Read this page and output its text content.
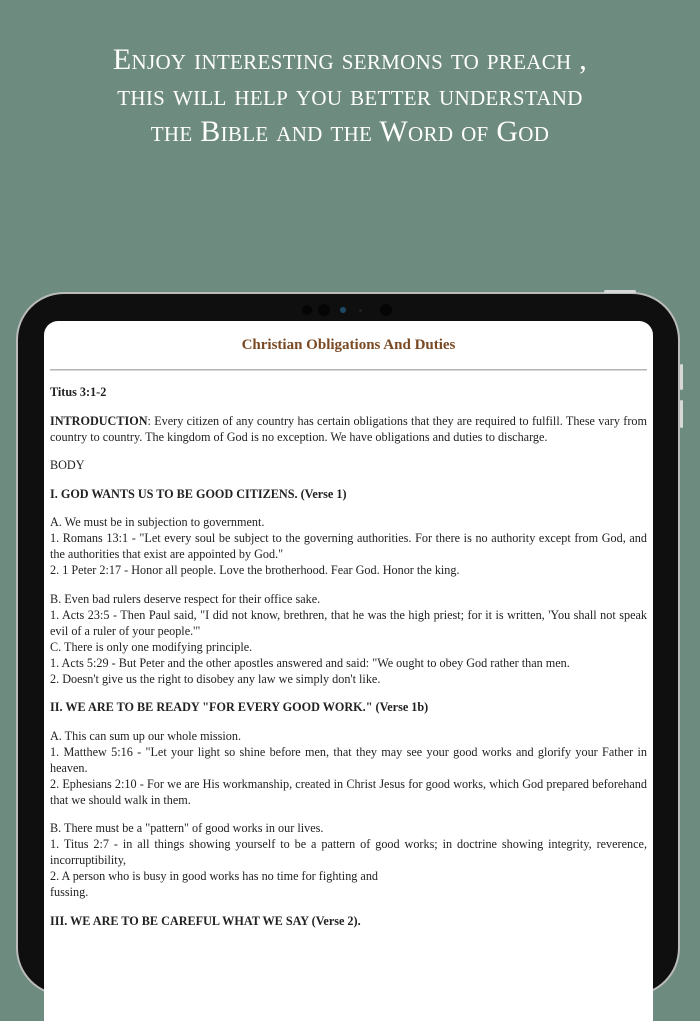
Enjoy interesting sermons to preach ,
this will help you better understand
the Bible and the Word of God
Christian Obligations And Duties

Titus 3:1-2

INTRODUCTION: Every citizen of any country has certain obligations that they are required to fulfill. These vary from country to country. The kingdom of God is no exception. We have obligations and duties to discharge.

BODY

I. GOD WANTS US TO BE GOOD CITIZENS. (Verse 1)

A. We must be in subjection to government.
1. Romans 13:1 - "Let every soul be subject to the governing authorities. For there is no authority except from God, and the authorities that exist are appointed by God."
2. 1 Peter 2:17 - Honor all people. Love the brotherhood. Fear God. Honor the king.

B. Even bad rulers deserve respect for their office sake.
1. Acts 23:5 - Then Paul said, "I did not know, brethren, that he was the high priest; for it is written, 'You shall not speak evil of a ruler of your people.'"
C. There is only one modifying principle.
1. Acts 5:29 - But Peter and the other apostles answered and said: "We ought to obey God rather than men.
2. Doesn't give us the right to disobey any law we simply don't like.

II. WE ARE TO BE READY "FOR EVERY GOOD WORK." (Verse 1b)

A. This can sum up our whole mission.
1. Matthew 5:16 - "Let your light so shine before men, that they may see your good works and glorify your Father in heaven.
2. Ephesians 2:10 - For we are His workmanship, created in Christ Jesus for good works, which God prepared beforehand that we should walk in them.

B. There must be a "pattern" of good works in our lives.
1. Titus 2:7 - in all things showing yourself to be a pattern of good works; in doctrine showing integrity, reverence, incorruptibility,
2. A person who is busy in good works has no time for fighting and
fussing.

III. WE ARE TO BE CAREFUL WHAT WE SAY (Verse 2).
